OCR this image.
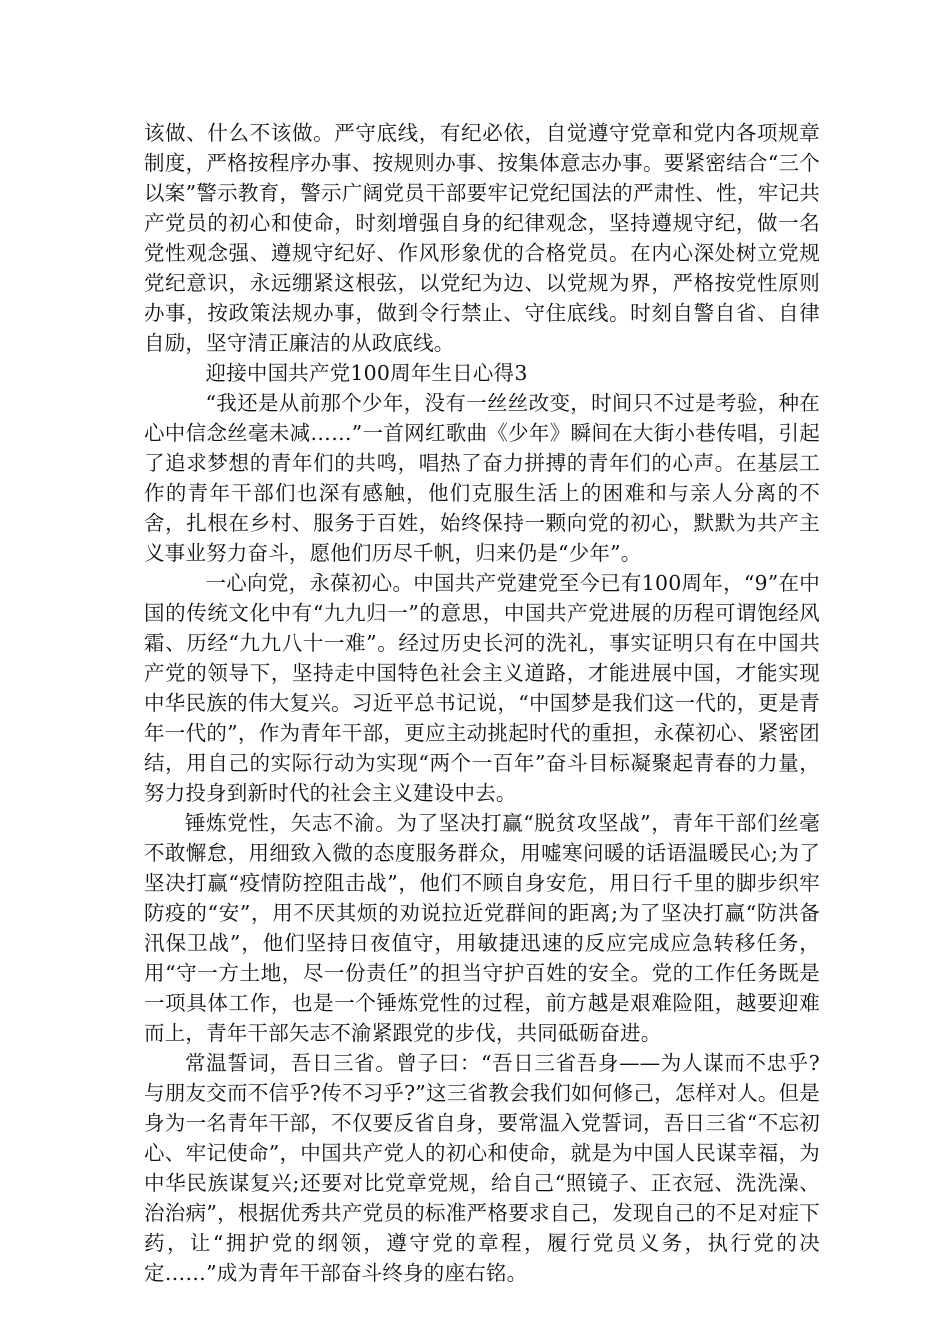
该做、什么不该做。严守底线，有纪必依，自觉遵守党章和党内各项规章制度，严格按程序办事、按规则办事、按集体意志办事。要紧密结合“三个以案”警示教育，警示广阔党员干部要牢记党纪国法的严肃性、性，牢记共产党员的初心和使命，时刻增强自身的纪律观念，坚持遵规守纪，做一名党性观念强、遵规守纪好、作风形象优的合格党员。在内心深处树立党规党纪意识，永远绷紧这根弦，以党纪为边、以党规为界，严格按党性原则办事，按政策法规办事，做到令行禁止、守住底线。时刻自警自省、自律自励，坚守清正廉洁的从政底线。

迎接中国共产党100周年生日心得3

“我还是从前那个少年，没有一丝丝改变，时间只不过是考验，种在心中信念丝毫未减……”一首网红歌曲《少年》瞬间在大街小巷传唱，引起了追求梦想的青年们的共鸣，唱热了奋力拼搏的青年们的心声。在基层工作的青年干部们也深有感触，他们克服生活上的困难和与亲人分离的不舍，扎根在乡村、服务于百姓，始终保持一颗向党的初心，默默为共产主义事业努力奋斗，愿他们历尽千帆，归来仍是“少年”。

一心向党，永葆初心。中国共产党建党至今已有100周年，“9”在中国的传统文化中有“九九归一”的意思，中国共产党进展的历程可谓饱经风霜、历经“九九八十一难”。经过历史长河的洗礼，事实证明只有在中国共产党的领导下，坚持走中国特色社会主义道路，才能进展中国，才能实现中华民族的伟大复兴。习近平总书记说，“中国梦是我们这一代的，更是青年一代的”，作为青年干部，更应主动挑起时代的重担，永葆初心、紧密团结，用自己的实际行动为实现“两个一百年”奋斗目标凝聚起青春的力量，努力投身到新时代的社会主义建设中去。

锤炼党性，矢志不渝。为了坚决打赢“脱贫攻坚战”，青年干部们丝毫不敢懈怠，用细致入微的态度服务群众，用嘘寒问暖的话语温暖民心;为了坚决打赢“疫情防控阻击战”，他们不顾自身安危，用日行千里的脚步织牢防疫的“安”，用不厌其烦的劝说拉近党群间的距离;为了坚决打赢“防洪备汛保卫战”，他们坚持日夜值守，用敏捷迅速的反应完成应急转移任务，用“守一方土地，尽一份责任”的担当守护百姓的安全。党的工作任务既是一项具体工作，也是一个锤炼党性的过程，前方越是艰难险阻，越要迎难而上，青年干部矢志不渝紧跟党的步伐，共同砥砺奋进。

常温誓词，吾日三省。曾子曰：“吾日三省吾身——为人谋而不忠乎?与朋友交而不信乎?传不习乎?”这三省教会我们如何修己，怎样对人。但是身为一名青年干部，不仅要反省自身，要常温入党誓词，吾日三省“不忘初心、牢记使命”，中国共产党人的初心和使命，就是为中国人民谋幸福，为中华民族谋复兴;还要对比党章党规，给自己“照镜子、正衣冠、洗洗澡、治治病”，根据优秀共产党员的标准严格要求自己，发现自己的不足对症下药，让“拥护党的纲领，遵守党的章程，履行党员义务，执行党的决定……”成为青年干部奋斗终身的座右铭。
